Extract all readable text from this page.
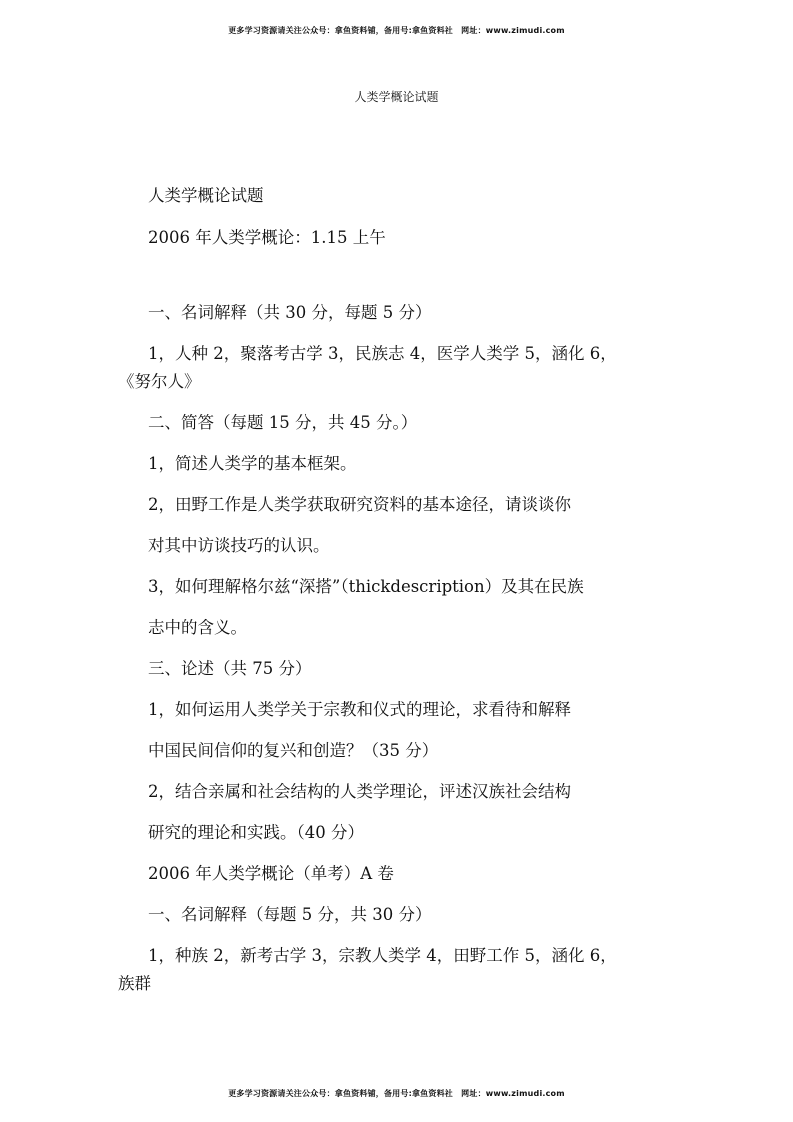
更多学习资源请关注公众号：拿鱼资料铺，备用号:拿鱼资料社　网址：www.zimudi.com
人类学概论试题
人类学概论试题
2006 年人类学概论：1.15 上午
一、名词解释（共 30 分，每题 5 分）
1，人种 2，聚落考古学 3，民族志 4，医学人类学 5，涵化 6，
《努尔人》
二、简答（每题 15 分，共 45 分。）
1，简述人类学的基本框架。
2，田野工作是人类学获取研究资料的基本途径，请谈谈你
对其中访谈技巧的认识。
3，如何理解格尔兹“深搭”（thickdescription）及其在民族
志中的含义。
三、论述（共 75 分）
1，如何运用人类学关于宗教和仪式的理论，求看待和解释
中国民间信仰的复兴和创造？（35 分）
2，结合亲属和社会结构的人类学理论，评述汉族社会结构
研究的理论和实践。（40 分）
2006 年人类学概论（单考）A 卷
一、名词解释（每题 5 分，共 30 分）
1，种族 2，新考古学 3，宗教人类学 4，田野工作 5，涵化 6，
族群
更多学习资源请关注公众号：拿鱼资料铺，备用号:拿鱼资料社　网址：www.zimudi.com
